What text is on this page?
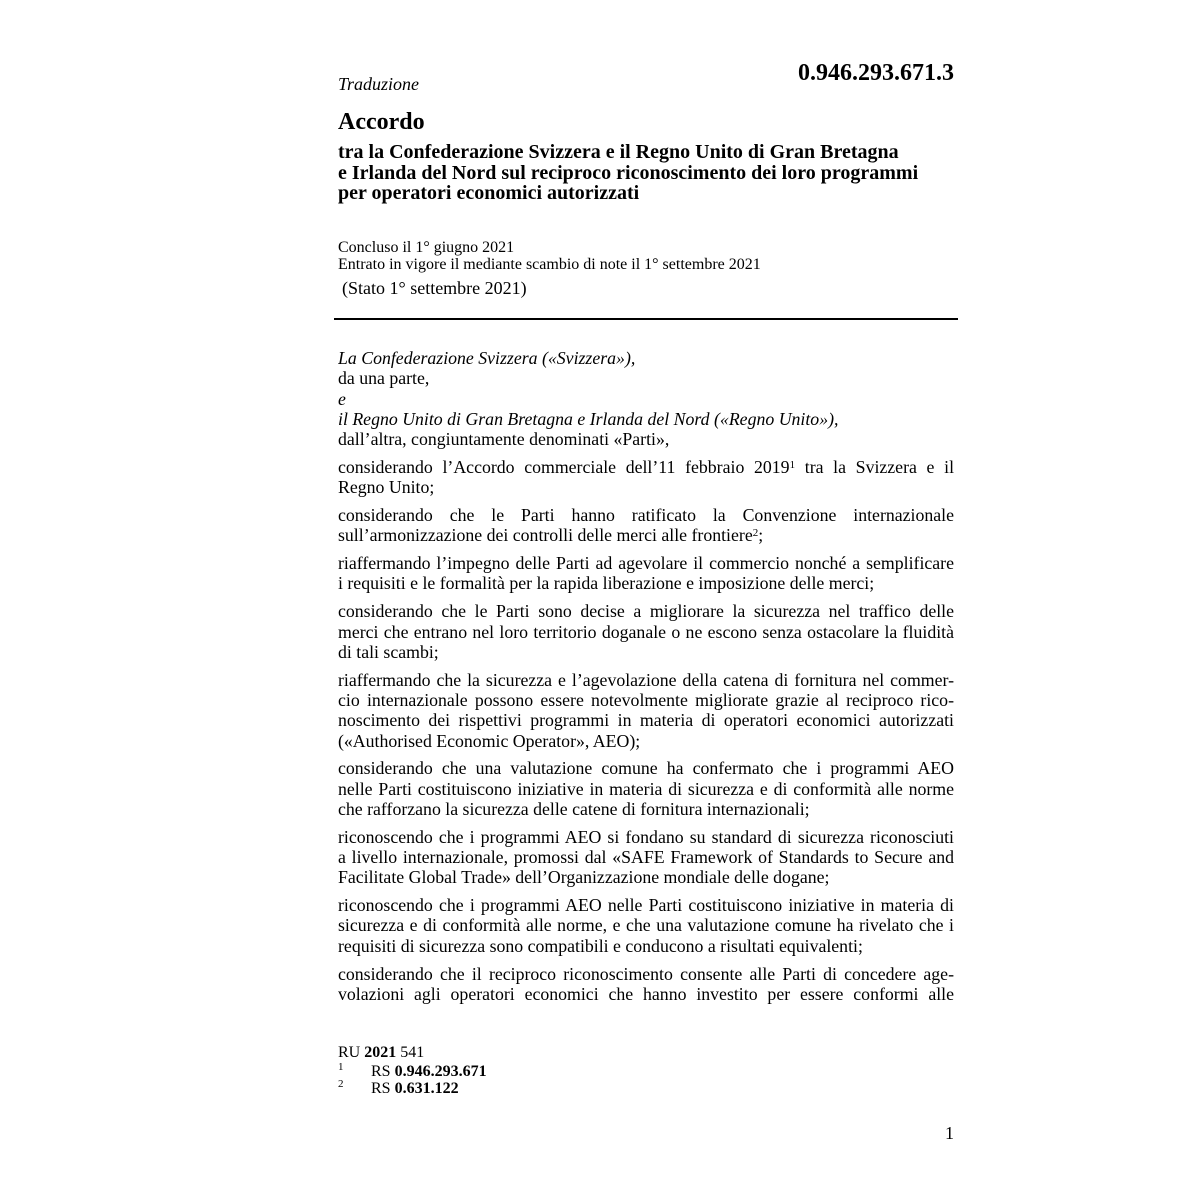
0.946.293.671.3
Traduzione
Accordo
tra la Confederazione Svizzera e il Regno Unito di Gran Bretagna
e Irlanda del Nord sul reciproco riconoscimento dei loro programmi
per operatori economici autorizzati
Concluso il 1° giugno 2021
Entrato in vigore il mediante scambio di note il 1° settembre 2021
(Stato 1° settembre 2021)
La Confederazione Svizzera («Svizzera»),
da una parte,
e
il Regno Unito di Gran Bretagna e Irlanda del Nord («Regno Unito»),
dall’altra, congiuntamente denominati «Parti»,
considerando l’Accordo commerciale dell’11 febbraio 2019$^1$ tra la Svizzera e il
Regno Unito;
considerando che le Parti hanno ratificato la Convenzione internazionale
sull’armonizzazione dei controlli delle merci alle frontiere$^2$;
riaffermando l’impegno delle Parti ad agevolare il commercio nonché a semplificare
i requisiti e le formalità per la rapida liberazione e imposizione delle merci;
considerando che le Parti sono decise a migliorare la sicurezza nel traffico delle
merci che entrano nel loro territorio doganale o ne escono senza ostacolare la fluidità
di tali scambi;
riaffermando che la sicurezza e l’agevolazione della catena di fornitura nel commer-
cio internazionale possono essere notevolmente migliorate grazie al reciproco rico-
noscimento dei rispettivi programmi in materia di operatori economici autorizzati
(«Authorised Economic Operator», AEO);
considerando che una valutazione comune ha confermato che i programmi AEO
nelle Parti costituiscono iniziative in materia di sicurezza e di conformità alle norme
che rafforzano la sicurezza delle catene di fornitura internazionali;
riconoscendo che i programmi AEO si fondano su standard di sicurezza riconosciuti
a livello internazionale, promossi dal «SAFE Framework of Standards to Secure and
Facilitate Global Trade» dell’Organizzazione mondiale delle dogane;
riconoscendo che i programmi AEO nelle Parti costituiscono iniziative in materia di
sicurezza e di conformità alle norme, e che una valutazione comune ha rivelato che i
requisiti di sicurezza sono compatibili e conducono a risultati equivalenti;
considerando che il reciproco riconoscimento consente alle Parti di concedere age-
volazioni agli operatori economici che hanno investito per essere conformi alle
RU 2021 541
1 RS 0.946.293.671
2 RS 0.631.122
1
